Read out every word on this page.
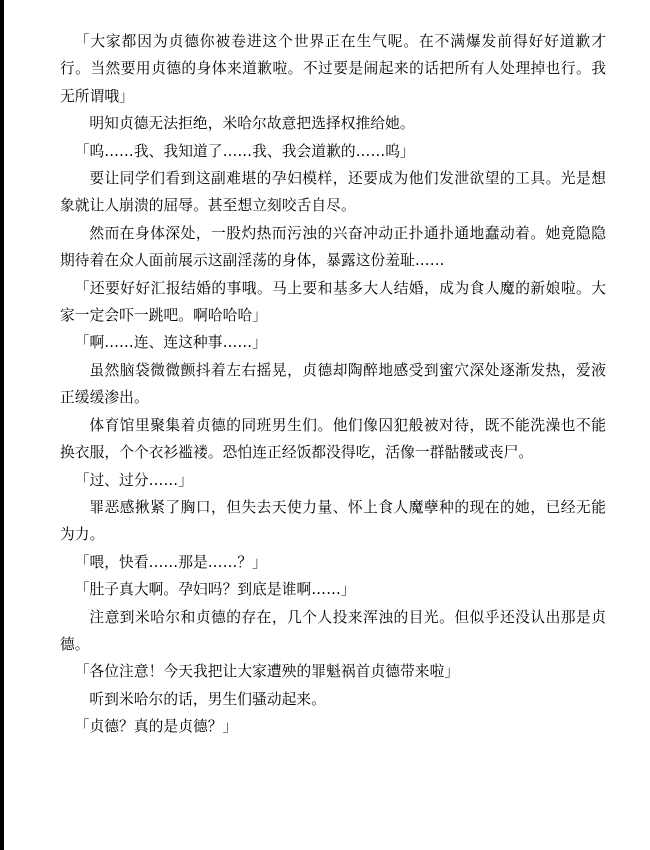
「大家都因为贞德你被卷进这个世界正在生气呢。在不满爆发前得好好道歉才行。当然要用贞德的身体来道歉啦。不过要是闹起来的话把所有人处理掉也行。我无所谓哦」

明知贞德无法拒绝，米哈尔故意把选择权推给她。

「呜……我、我知道了……我、我会道歉的……呜」

要让同学们看到这副难堪的孕妇模样，还要成为他们发泄欲望的工具。光是想象就让人崩溃的屈辱。甚至想立刻咬舌自尽。

然而在身体深处，一股灼热而污浊的兴奋冲动正扑通扑通地蠢动着。她竟隐隐期待着在众人面前展示这副淫荡的身体，暴露这份羞耻……

「还要好好汇报结婚的事哦。马上要和基多大人结婚，成为食人魔的新娘啦。大家一定会吓一跳吧。啊哈哈哈」

「啊……连、连这种事……」

虽然脑袋微微颤抖着左右摇晃，贞德却陶醉地感受到蜜穴深处逐渐发热，爱液正缓缓渗出。

体育馆里聚集着贞德的同班男生们。他们像囚犯般被对待，既不能洗澡也不能换衣服，个个衣衫褴褛。恐怕连正经饭都没得吃，活像一群骷髅或丧尸。

「过、过分……」

罪恶感揪紧了胸口，但失去天使力量、怀上食人魔孽种的现在的她，已经无能为力。

「喂，快看……那是……？」

「肚子真大啊。孕妇吗？到底是谁啊……」

注意到米哈尔和贞德的存在，几个人投来浑浊的目光。但似乎还没认出那是贞德。

「各位注意！今天我把让大家遭殃的罪魁祸首贞德带来啦」

听到米哈尔的话，男生们骚动起来。

「贞德？真的是贞德？」
